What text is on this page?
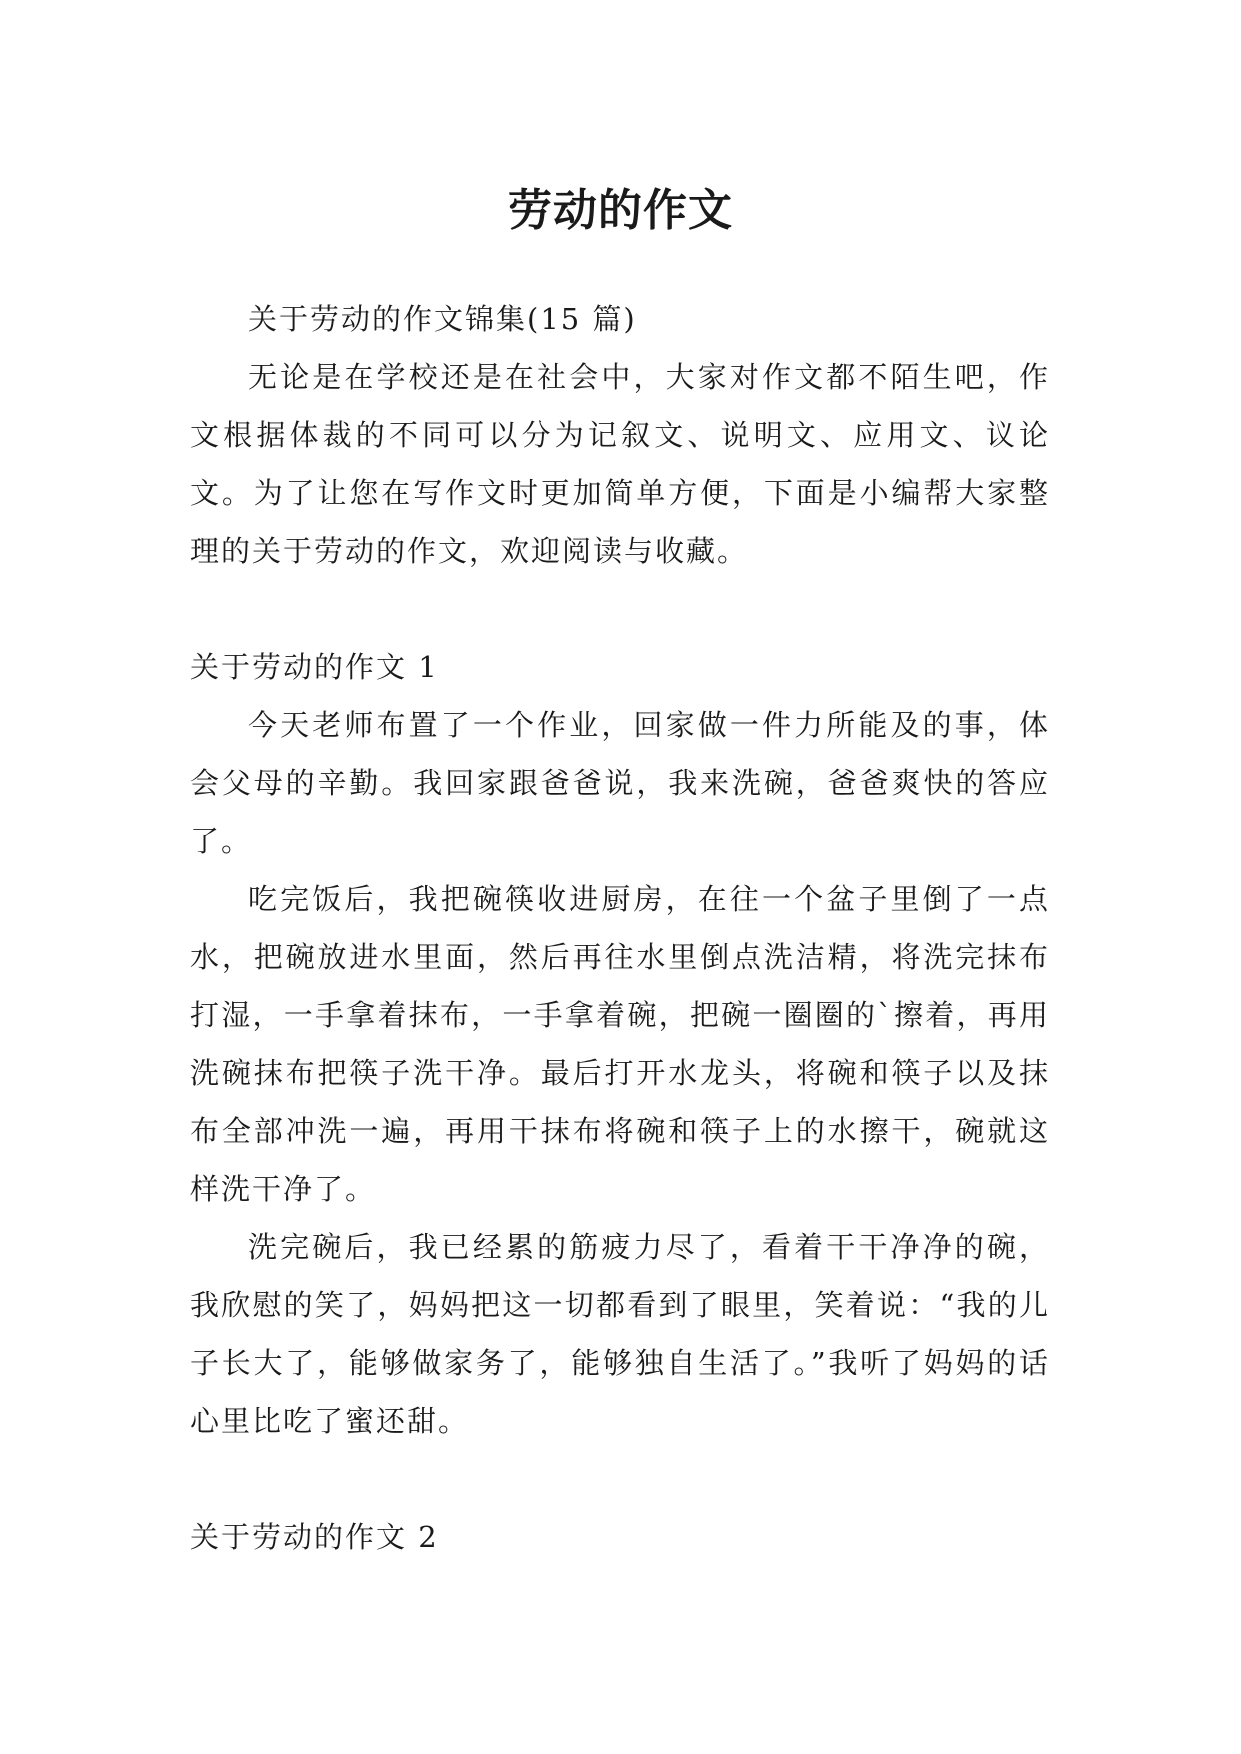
劳动的作文

关于劳动的作文锦集(15 篇)

无论是在学校还是在社会中，大家对作文都不陌生吧，作文根据体裁的不同可以分为记叙文、说明文、应用文、议论文。为了让您在写作文时更加简单方便，下面是小编帮大家整理的关于劳动的作文，欢迎阅读与收藏。

关于劳动的作文 1

今天老师布置了一个作业，回家做一件力所能及的事，体会父母的辛勤。我回家跟爸爸说，我来洗碗，爸爸爽快的答应了。

吃完饭后，我把碗筷收进厨房，在往一个盆子里倒了一点水，把碗放进水里面，然后再往水里倒点洗洁精，将洗完抹布打湿，一手拿着抹布，一手拿着碗，把碗一圈圈的`擦着，再用洗碗抹布把筷子洗干净。最后打开水龙头，将碗和筷子以及抹布全部冲洗一遍，再用干抹布将碗和筷子上的水擦干，碗就这样洗干净了。

洗完碗后，我已经累的筋疲力尽了，看着干干净净的碗，我欣慰的笑了，妈妈把这一切都看到了眼里，笑着说：“我的儿子长大了，能够做家务了，能够独自生活了。”我听了妈妈的话心里比吃了蜜还甜。

关于劳动的作文 2
